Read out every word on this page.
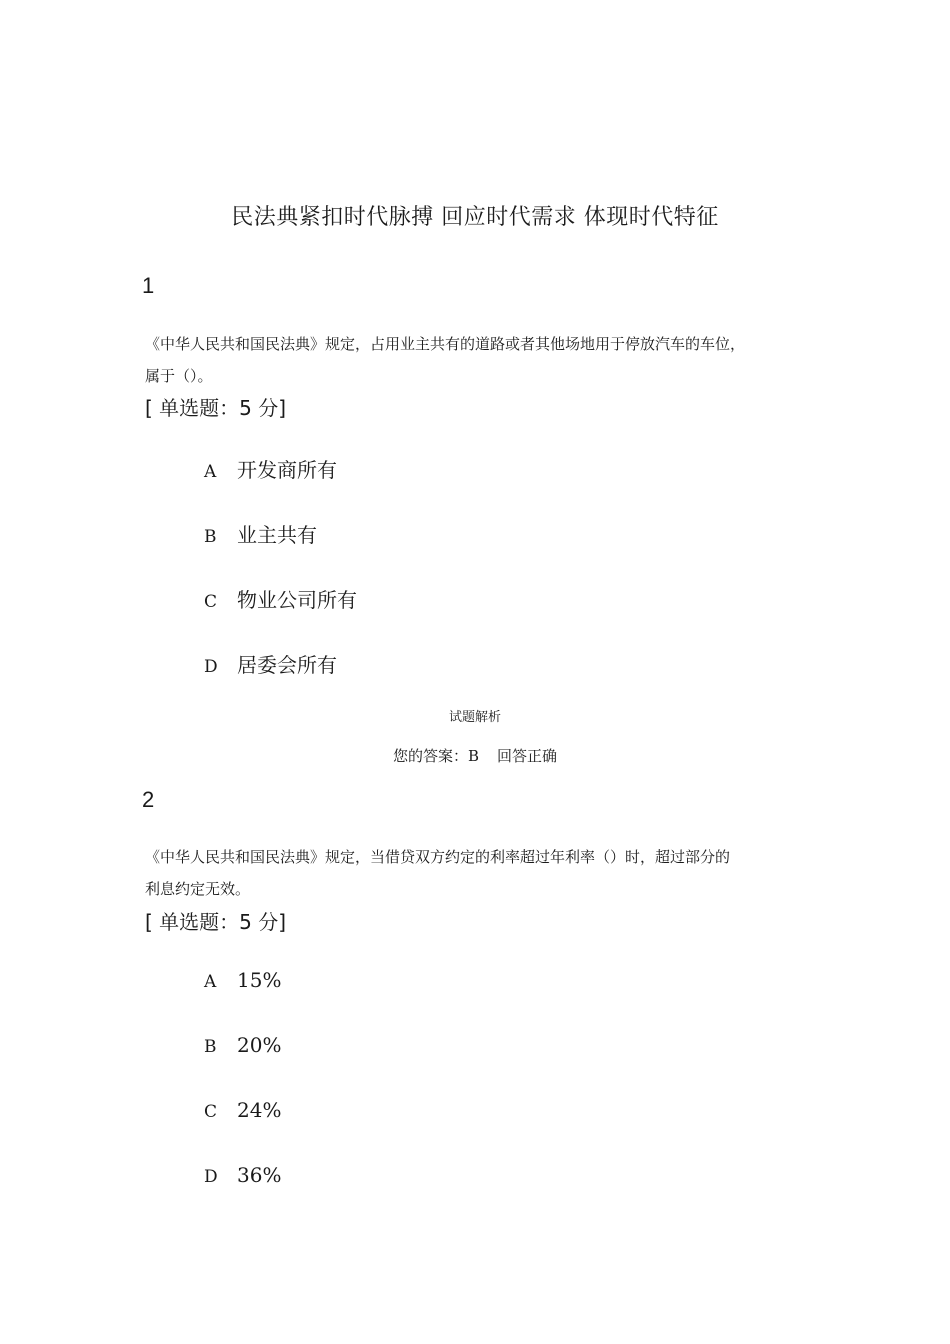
民法典紧扣时代脉搏 回应时代需求 体现时代特征
1
《中华人民共和国民法典》规定，占用业主共有的道路或者其他场地用于停放汽车的车位，
属于（）。
[ 单选题：5 分]
A 开发商所有
B 业主共有
C 物业公司所有
D 居委会所有
试题解析
您的答案：B 回答正确
2
《中华人民共和国民法典》规定，当借贷双方约定的利率超过年利率（）时，超过部分的
利息约定无效。
[ 单选题：5 分]
A 15%
B 20%
C 24%
D 36%
